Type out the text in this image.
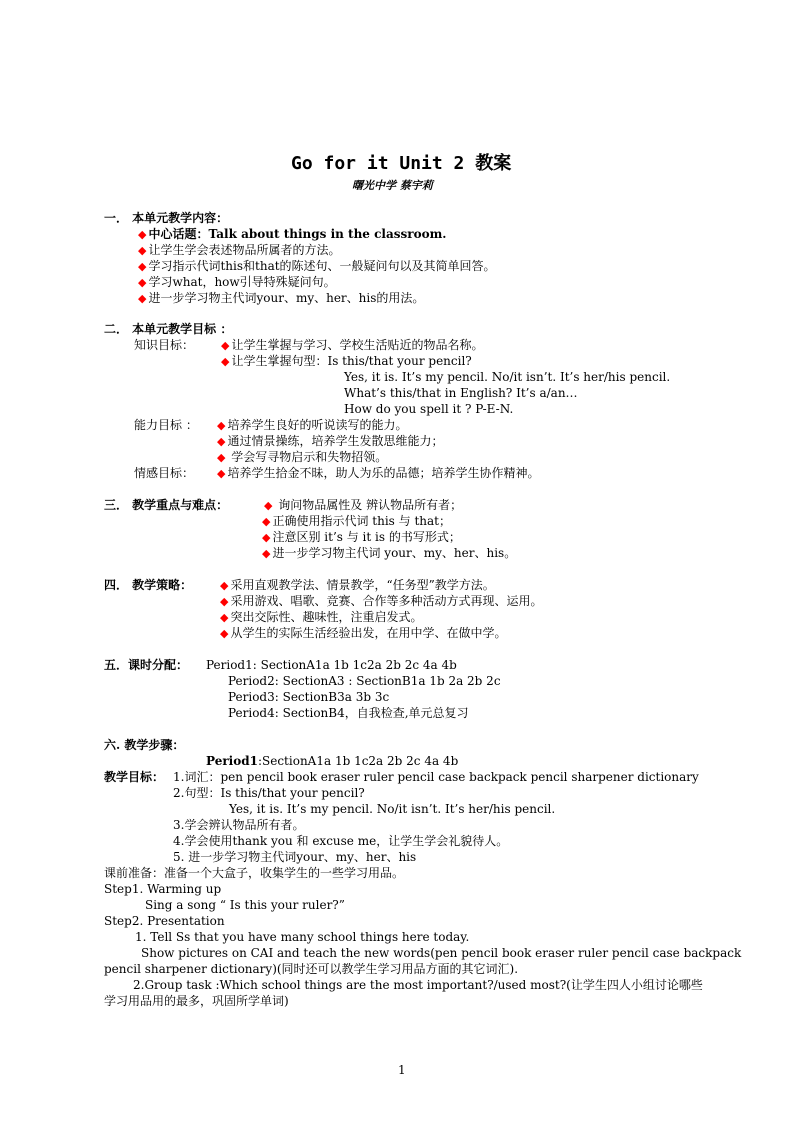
Go for it Unit 2 教案
曙光中学 蔡宇莉
一． 本单元教学内容：
◆ 中心话题：Talk about things in the classroom.
◆ 让学生学会表述物品所属者的方法。
◆ 学习指示代词this和that的陈述句、一般疑问句以及其简单回答。
◆ 学习what，how引导特殊疑问句。
◆ 进一步学习物主代词your、my、her、his的用法。
二． 本单元教学目标 ：
知识目标： ◆ 让学生掌握与学习、学校生活贴近的物品名称。
◆ 让学生掌握句型：Is this/that your pencil?
Yes, it is. It’s my pencil. No/it isn’t. It’s her/his pencil.
What’s this/that in English? It’s a/an…
How do you spell it ? P-E-N.
能力目标 ： ◆ 培养学生良好的听说读写的能力。
◆ 通过情景操练，培养学生发散思维能力；
◆ 学会写寻物启示和失物招领。
情感目标： ◆ 培养学生拾金不昧，助人为乐的品德；培养学生协作精神。
三． 教学重点与难点：	◆ 询问物品属性及 辨认物品所有者；
◆ 正确使用指示代词 this 与 that；
◆ 注意区别 it’s 与 it is 的书写形式；
◆ 进一步学习物主代词 your、my、her、his。
四． 教学策略：	◆ 采用直观教学法、情景教学，“任务型”教学方法。
◆ 采用游戏、唱歌、竞赛、合作等多种活动方式再现、运用。
◆ 突出交际性、趣味性，注重启发式。
◆ 从学生的实际生活经验出发，在用中学、在做中学。
五．课时分配： Period1: SectionA1a 1b 1c2a 2b 2c 4a 4b
Period2: SectionA3 : SectionB1a 1b 2a 2b 2c
Period3: SectionB3a 3b 3c
Period4: SectionB4，自我检查,单元总复习
六. 教学步骤：
Period1:SectionA1a 1b 1c2a 2b 2c 4a 4b
教学目标： 1.词汇：pen pencil book eraser ruler pencil case backpack pencil sharpener dictionary
2.句型：Is this/that your pencil?
Yes, it is. It’s my pencil. No/it isn’t. It’s her/his pencil.
3.学会辨认物品所有者。
4.学会使用thank you 和 excuse me，让学生学会礼貌待人。
5. 进一步学习物主代词your、my、her、his
课前准备：准备一个大盒子，收集学生的一些学习用品。
Step1. Warming up
Sing a song “ Is this your ruler?”
Step2. Presentation
1. Tell Ss that you have many school things here today.
Show pictures on CAI and teach the new words(pen pencil book eraser ruler pencil case backpack
pencil sharpener dictionary)(同时还可以教学生学习用品方面的其它词汇).
2.Group task :Which school things are the most important?/used most?(让学生四人小组讨论哪些
学习用品用的最多，巩固所学单词)
1
